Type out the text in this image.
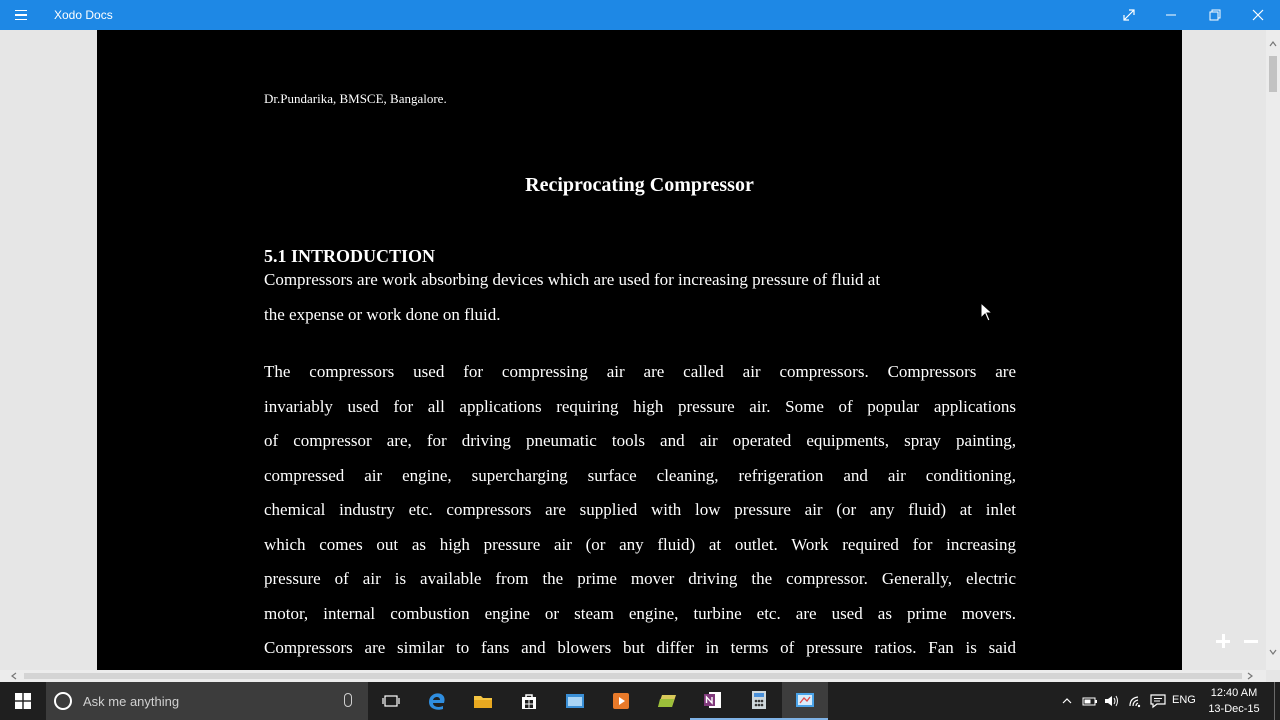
Xodo Docs
Dr.Pundarika, BMSCE, Bangalore.
Reciprocating Compressor
5.1 INTRODUCTION
Compressors are work absorbing devices which are used for increasing pressure of fluid at
the expense or work done on fluid.
The compressors used for compressing air are called air compressors. Compressors are
invariably used for all applications requiring high pressure air. Some of popular applications
of compressor are, for driving pneumatic tools and air operated equipments, spray painting,
compressed air engine, supercharging surface cleaning, refrigeration and air conditioning,
chemical industry etc. compressors are supplied with low pressure air (or any fluid) at inlet
which comes out as high pressure air (or any fluid) at outlet. Work required for increasing
pressure of air is available from the prime mover driving the compressor. Generally, electric
motor, internal combustion engine or steam engine, turbine etc. are used as prime movers.
Compressors are similar to fans and blowers but differ in terms of pressure ratios. Fan is said
Ask me anything	ENG
12:40 AM
13-Dec-15
